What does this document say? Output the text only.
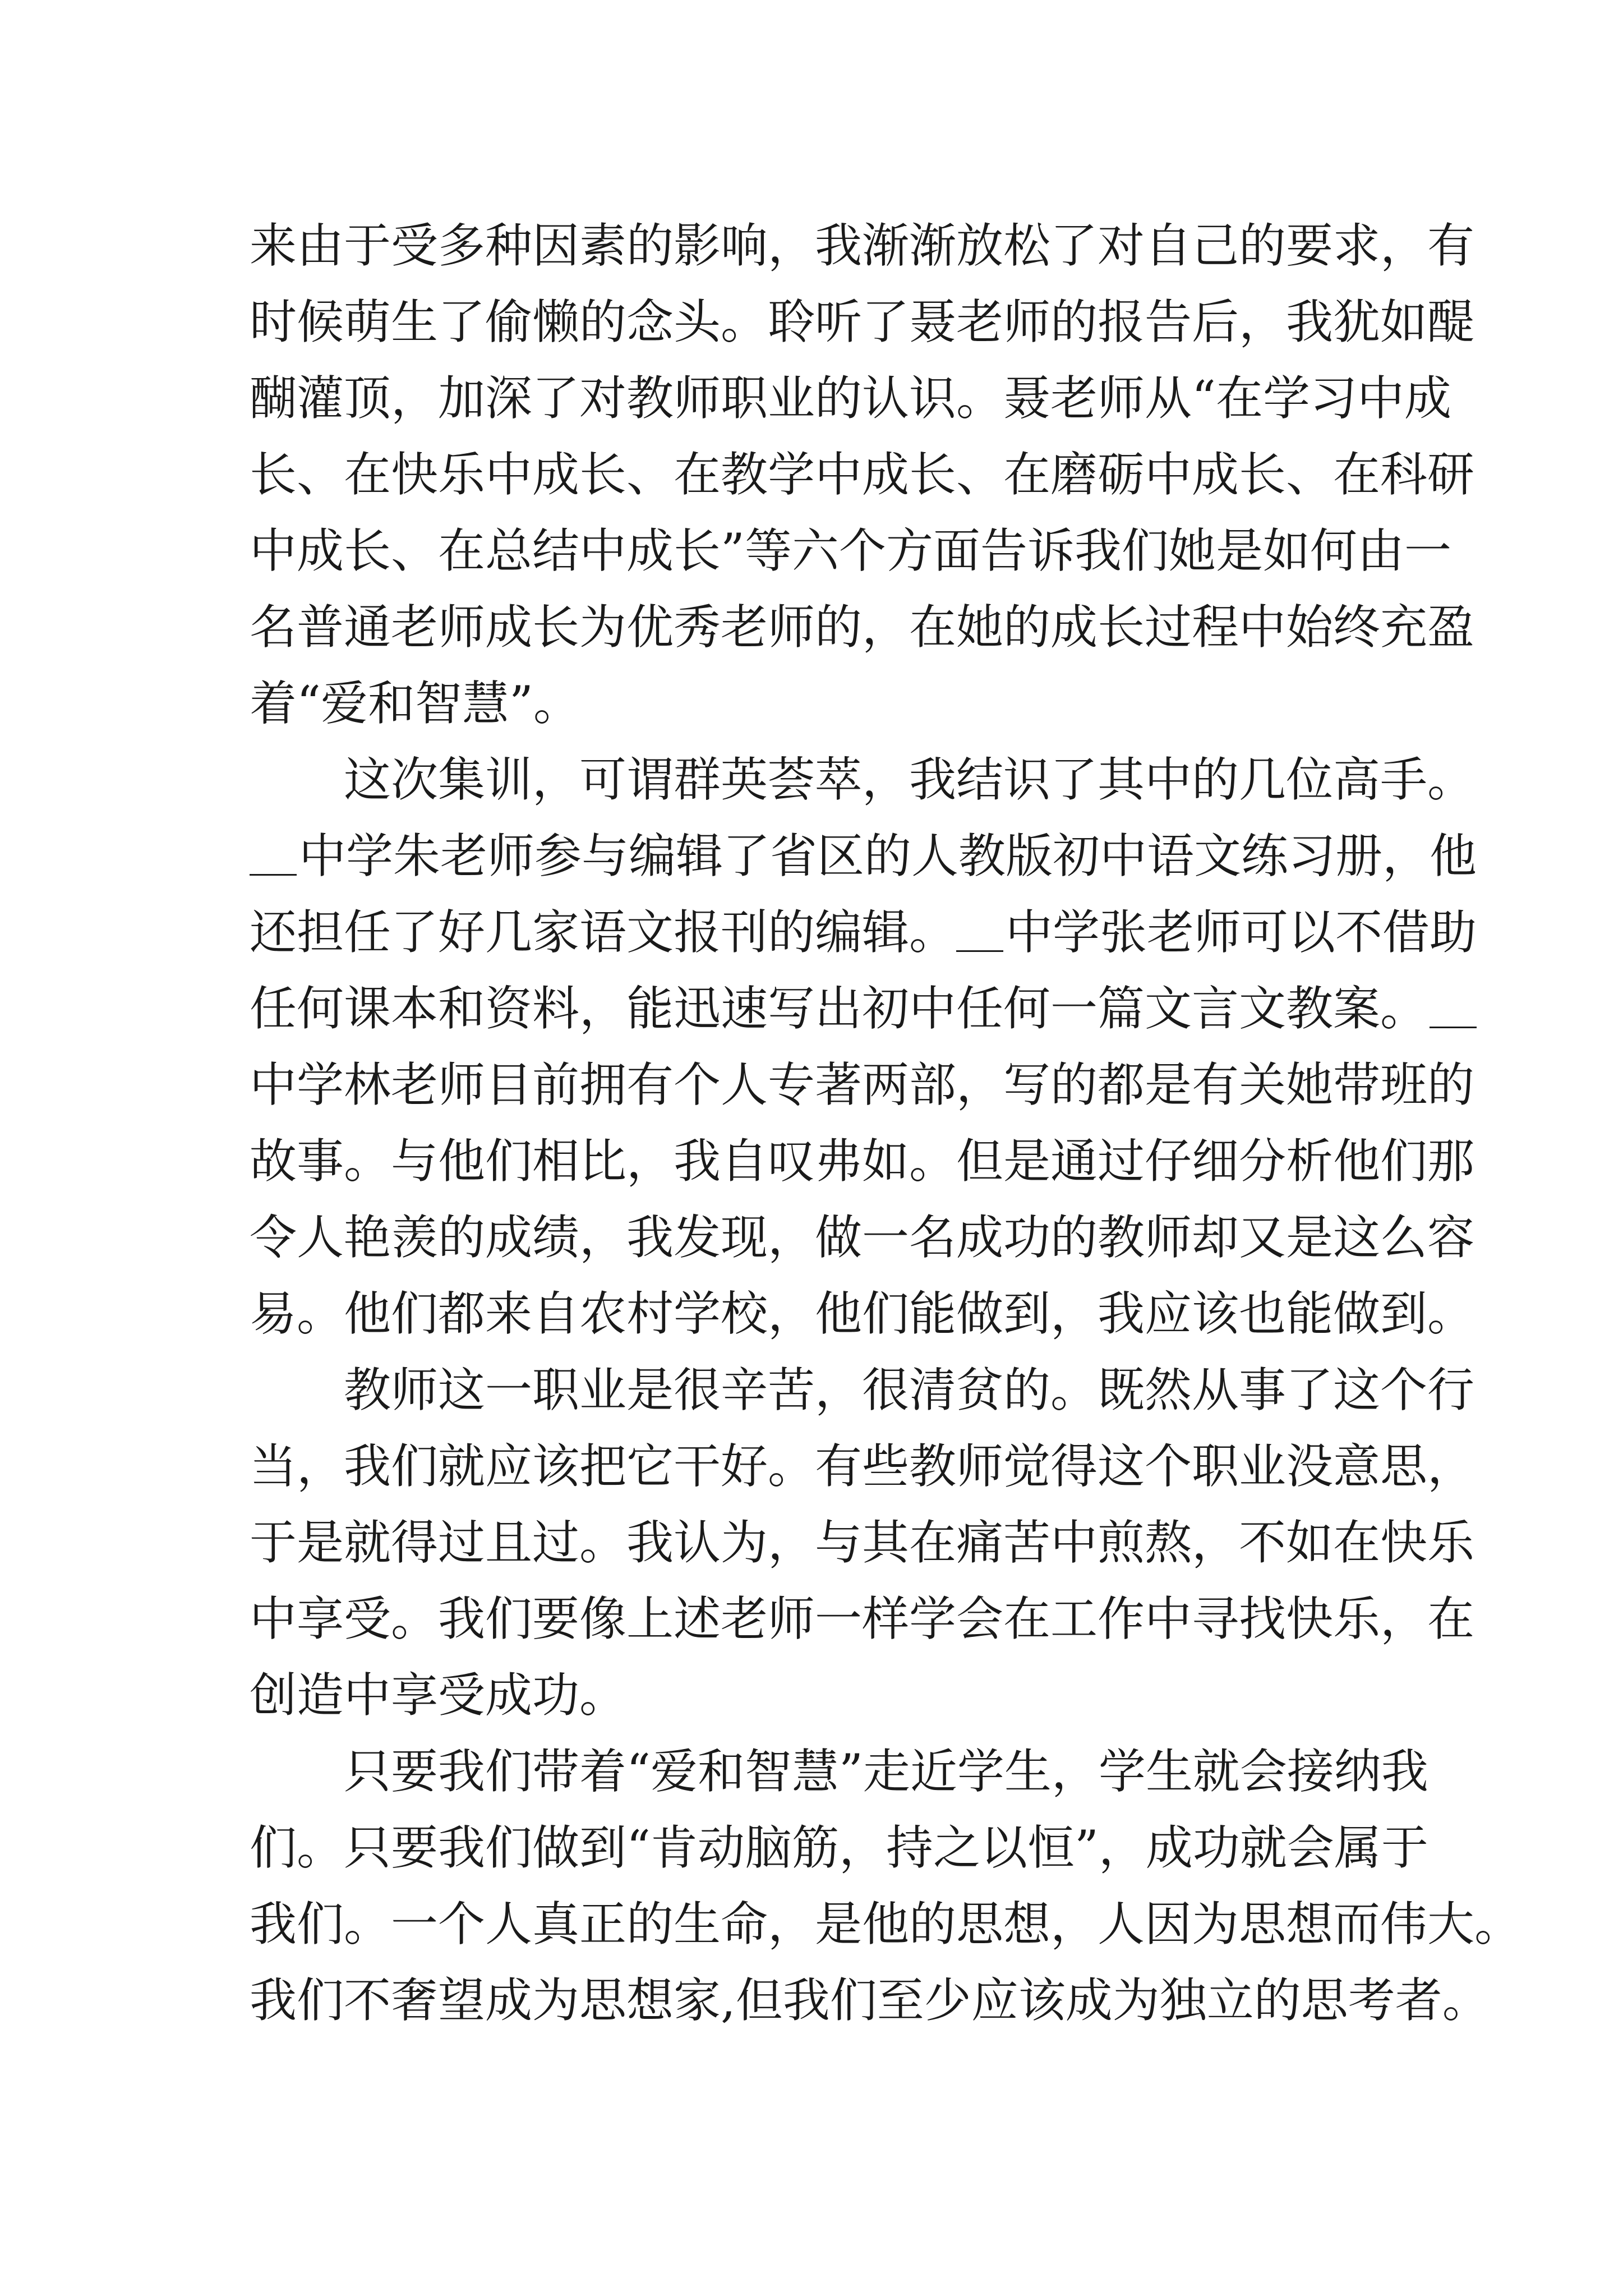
来由于受多种因素的影响，我渐渐放松了对自己的要求，有
时候萌生了偷懒的念头。聆听了聂老师的报告后，我犹如醍
醐灌顶，加深了对教师职业的认识。聂老师从“在学习中成
长、在快乐中成长、在教学中成长、在磨砺中成长、在科研
中成长、在总结中成长”等六个方面告诉我们她是如何由一
名普通老师成长为优秀老师的，在她的成长过程中始终充盈
着“爱和智慧”。
这次集训，可谓群英荟萃，我结识了其中的几位高手。
中学朱老师参与编辑了省区的人教版初中语文练习册，他
还担任了好几家语文报刊的编辑。 中学张老师可以不借助
任何课本和资料，能迅速写出初中任何一篇文言文教案。
中学林老师目前拥有个人专著两部，写的都是有关她带班的
故事。与他们相比，我自叹弗如。但是通过仔细分析他们那
令人艳羡的成绩，我发现，做一名成功的教师却又是这么容
易。他们都来自农村学校，他们能做到，我应该也能做到。
教师这一职业是很辛苦，很清贫的。既然从事了这个行
当，我们就应该把它干好。有些教师觉得这个职业没意思，
于是就得过且过。我认为，与其在痛苦中煎熬，不如在快乐
中享受。我们要像上述老师一样学会在工作中寻找快乐，在
创造中享受成功。
只要我们带着“爱和智慧”走近学生，学生就会接纳我
们。只要我们做到“肯动脑筋，持之以恒”，成功就会属于
我们。一个人真正的生命，是他的思想，人因为思想而伟大。
我们不奢望成为思想家,但我们至少应该成为独立的思考者。
